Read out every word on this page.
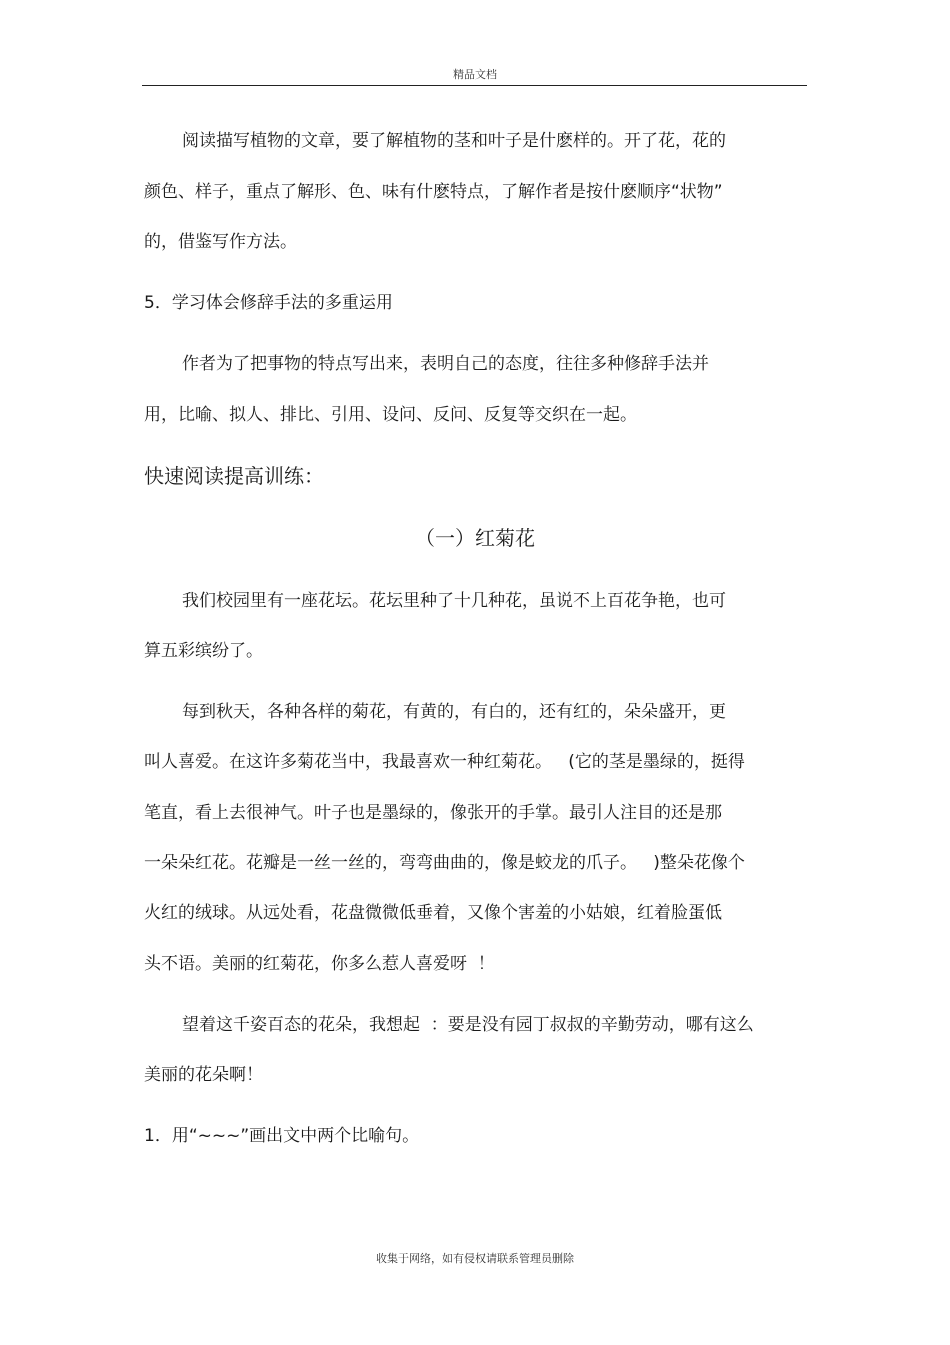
精品文档
阅读描写植物的文章，要了解植物的茎和叶子是什麽样的。开了花，花的
颜色、样子，重点了解形、色、味有什麽特点，了解作者是按什麽顺序“状物”
的，借鉴写作方法。
5．学习体会修辞手法的多重运用
作者为了把事物的特点写出来，表明自己的态度，往往多种修辞手法并
用，比喻、拟人、排比、引用、设问、反问、反复等交织在一起。
快速阅读提高训练：
（一）红菊花
我们校园里有一座花坛。花坛里种了十几种花，虽说不上百花争艳，也可
算五彩缤纷了。
每到秋天，各种各样的菊花，有黄的，有白的，还有红的，朵朵盛开，更
叫人喜爱。在这许多菊花当中，我最喜欢一种红菊花。   (它的茎是墨绿的，挺得
笔直，看上去很神气。叶子也是墨绿的，像张开的手掌。最引人注目的还是那
一朵朵红花。花瓣是一丝一丝的，弯弯曲曲的，像是蛟龙的爪子。   )整朵花像个
火红的绒球。从远处看，花盘微微低垂着，又像个害羞的小姑娘，红着脸蛋低
头不语。美丽的红菊花，你多么惹人喜爱呀  ！
望着这千姿百态的花朵，我想起  ：要是没有园丁叔叔的辛勤劳动，哪有这么
美丽的花朵啊！
1．用“~~~”画出文中两个比喻句。
收集于网络，如有侵权请联系管理员删除
